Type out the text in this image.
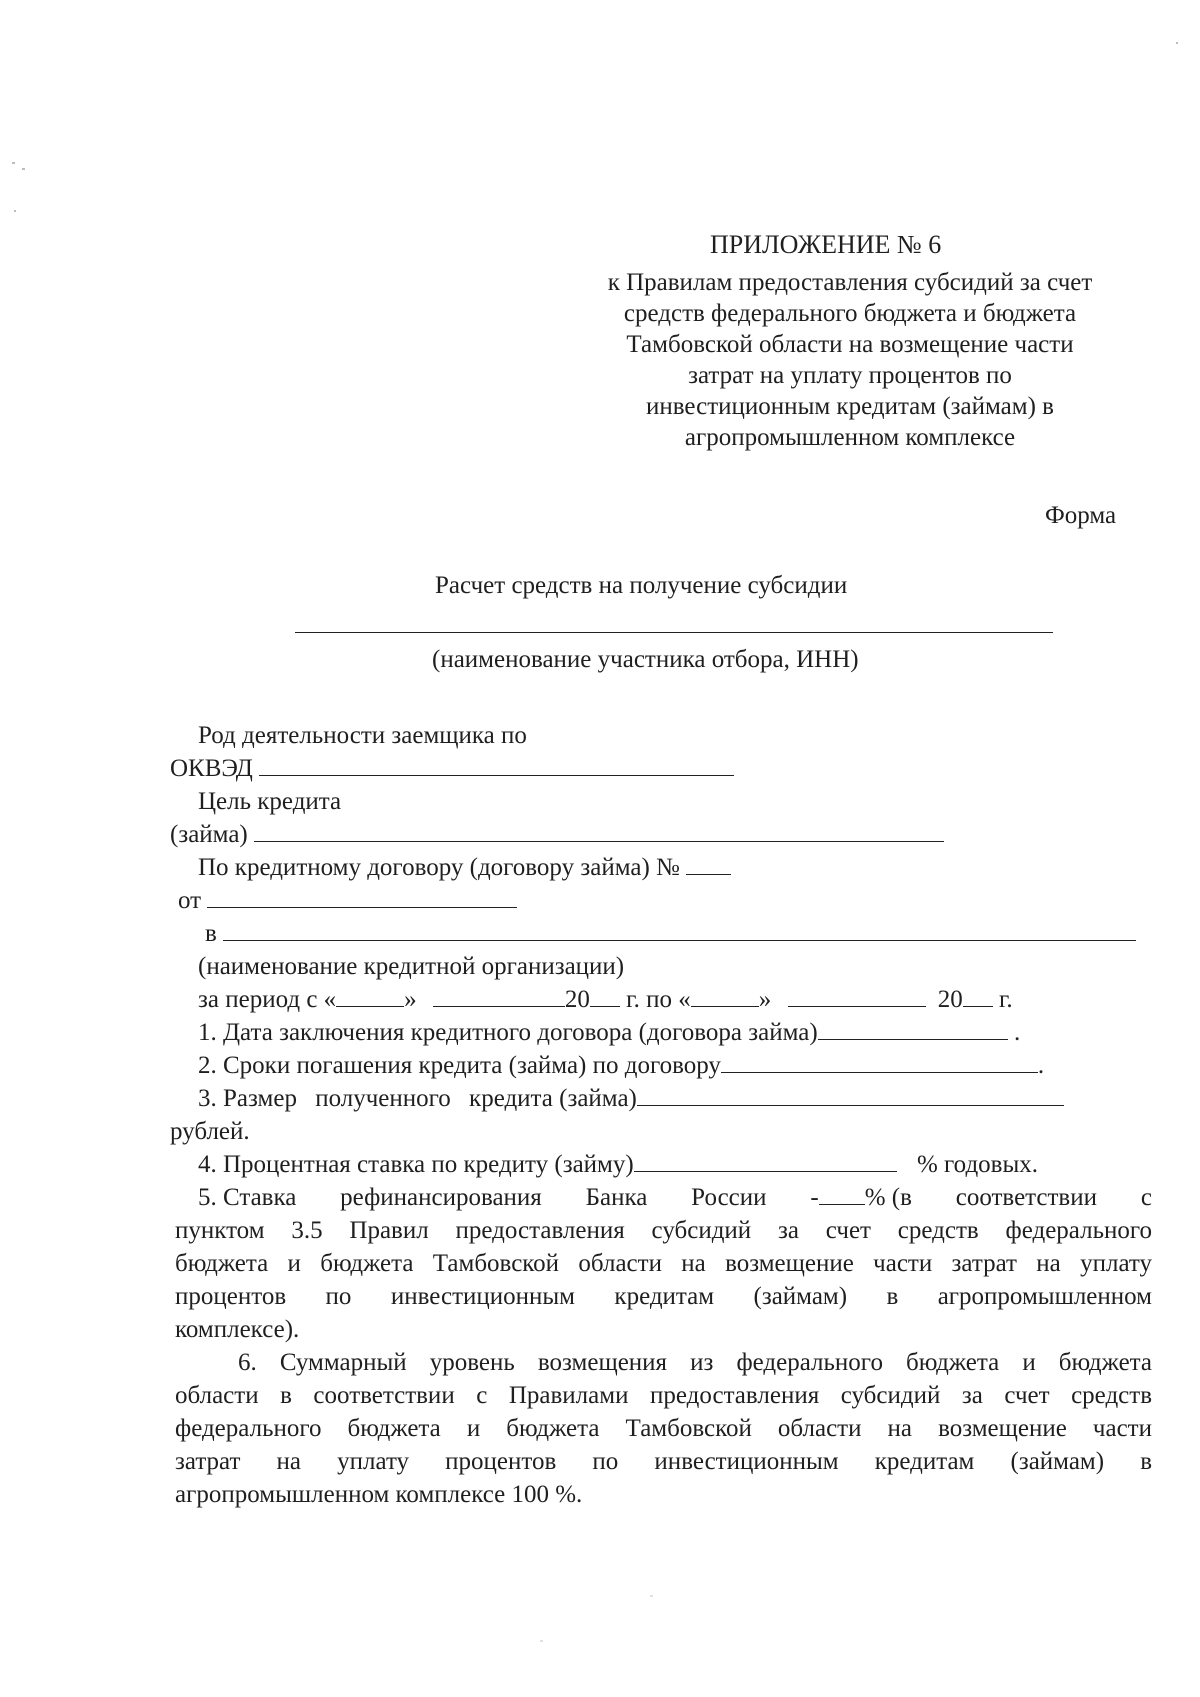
ПРИЛОЖЕНИЕ № 6
к Правилам предоставления субсидий за счет
средств федерального бюджета и бюджета
Тамбовской области на возмещение части
затрат на уплату процентов по
инвестиционным кредитам (займам) в
агропромышленном комплексе
Форма
Расчет средств на получение субсидии
(наименование участника отбора, ИНН)
Род деятельности заемщика по
ОКВЭД
Цель кредита
(займа)
По кредитному договору (договору займа) №
от
в
(наименование кредитной организации)
за период с «	»	20 г. по «	»	20 г.
1. Дата заключения кредитного договора (договора займа)	.
2. Сроки погашения кредита (займа) по договору	.
3. Размер полученного кредита (займа)
рублей.
4. Процентная ставка по кредиту (займу)	% годовых.
5. Ставка рефинансирования Банка России - % (в соответствии с
пунктом 3.5 Правил предоставления субсидий за счет средств федерального
бюджета и бюджета Тамбовской области на возмещение части затрат на уплату
процентов по инвестиционным кредитам (займам) в агропромышленном
комплексе).
6. Суммарный уровень возмещения из федерального бюджета и бюджета
области в соответствии с Правилами предоставления субсидий за счет средств
федерального бюджета и бюджета Тамбовской области на возмещение части
затрат на уплату процентов по инвестиционным кредитам (займам) в
агропромышленном комплексе 100 %.
